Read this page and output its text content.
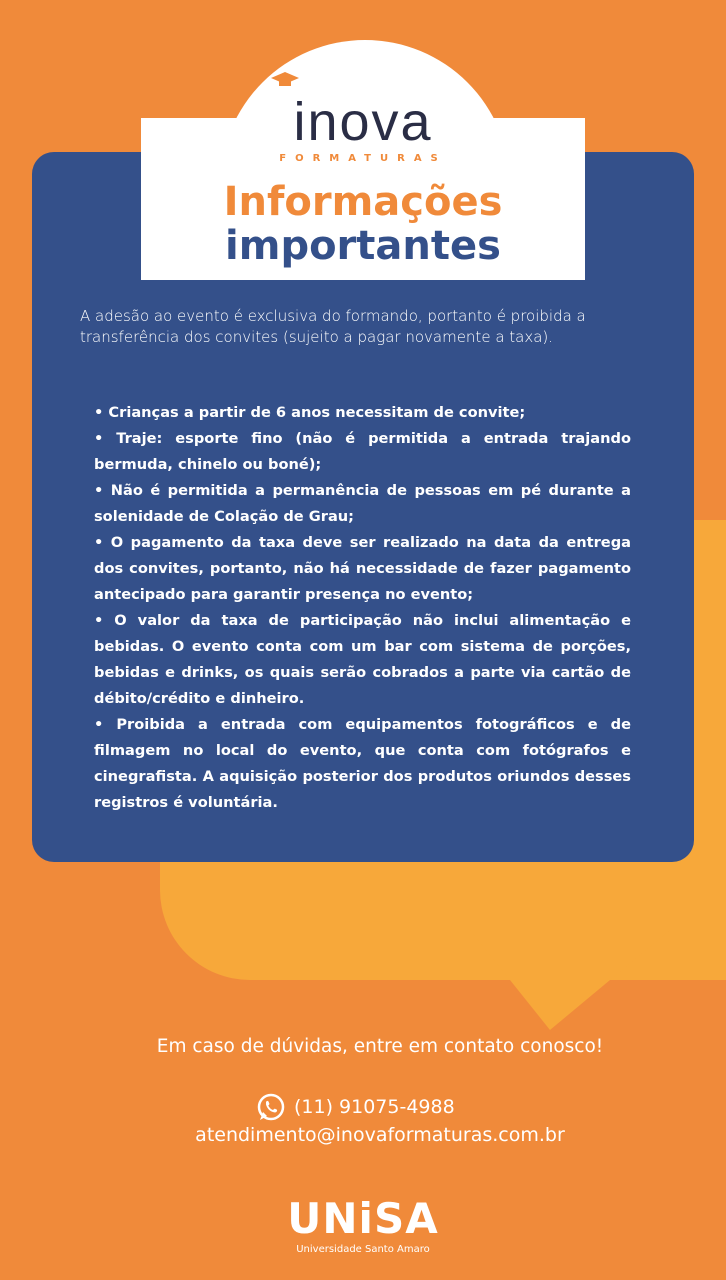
inova
FORMATURAS
Informações
importantes
A adesão ao evento é exclusiva do formando, portanto é proibida a transferência dos convites (sujeito a pagar novamente a taxa).
• Crianças a partir de 6 anos necessitam de convite;
• Traje: esporte fino (não é permitida a entrada trajando bermuda, chinelo ou boné);
• Não é permitida a permanência de pessoas em pé durante a solenidade de Colação de Grau;
• O pagamento da taxa deve ser realizado na data da entrega dos convites, portanto, não há necessidade de fazer pagamento antecipado para garantir presença no evento;
• O valor da taxa de participação não inclui alimentação e bebidas. O evento conta com um bar com sistema de porções, bebidas e drinks, os quais serão cobrados a parte via cartão de débito/crédito e dinheiro.
• Proibida a entrada com equipamentos fotográficos e de filmagem no local do evento, que conta com fotógrafos e cinegrafista. A aquisição posterior dos produtos oriundos desses registros é voluntária.
Em caso de dúvidas, entre em contato conosco!
(11) 91075-4988
atendimento@inovaformaturas.com.br
UNiSA
Universidade Santo Amaro
